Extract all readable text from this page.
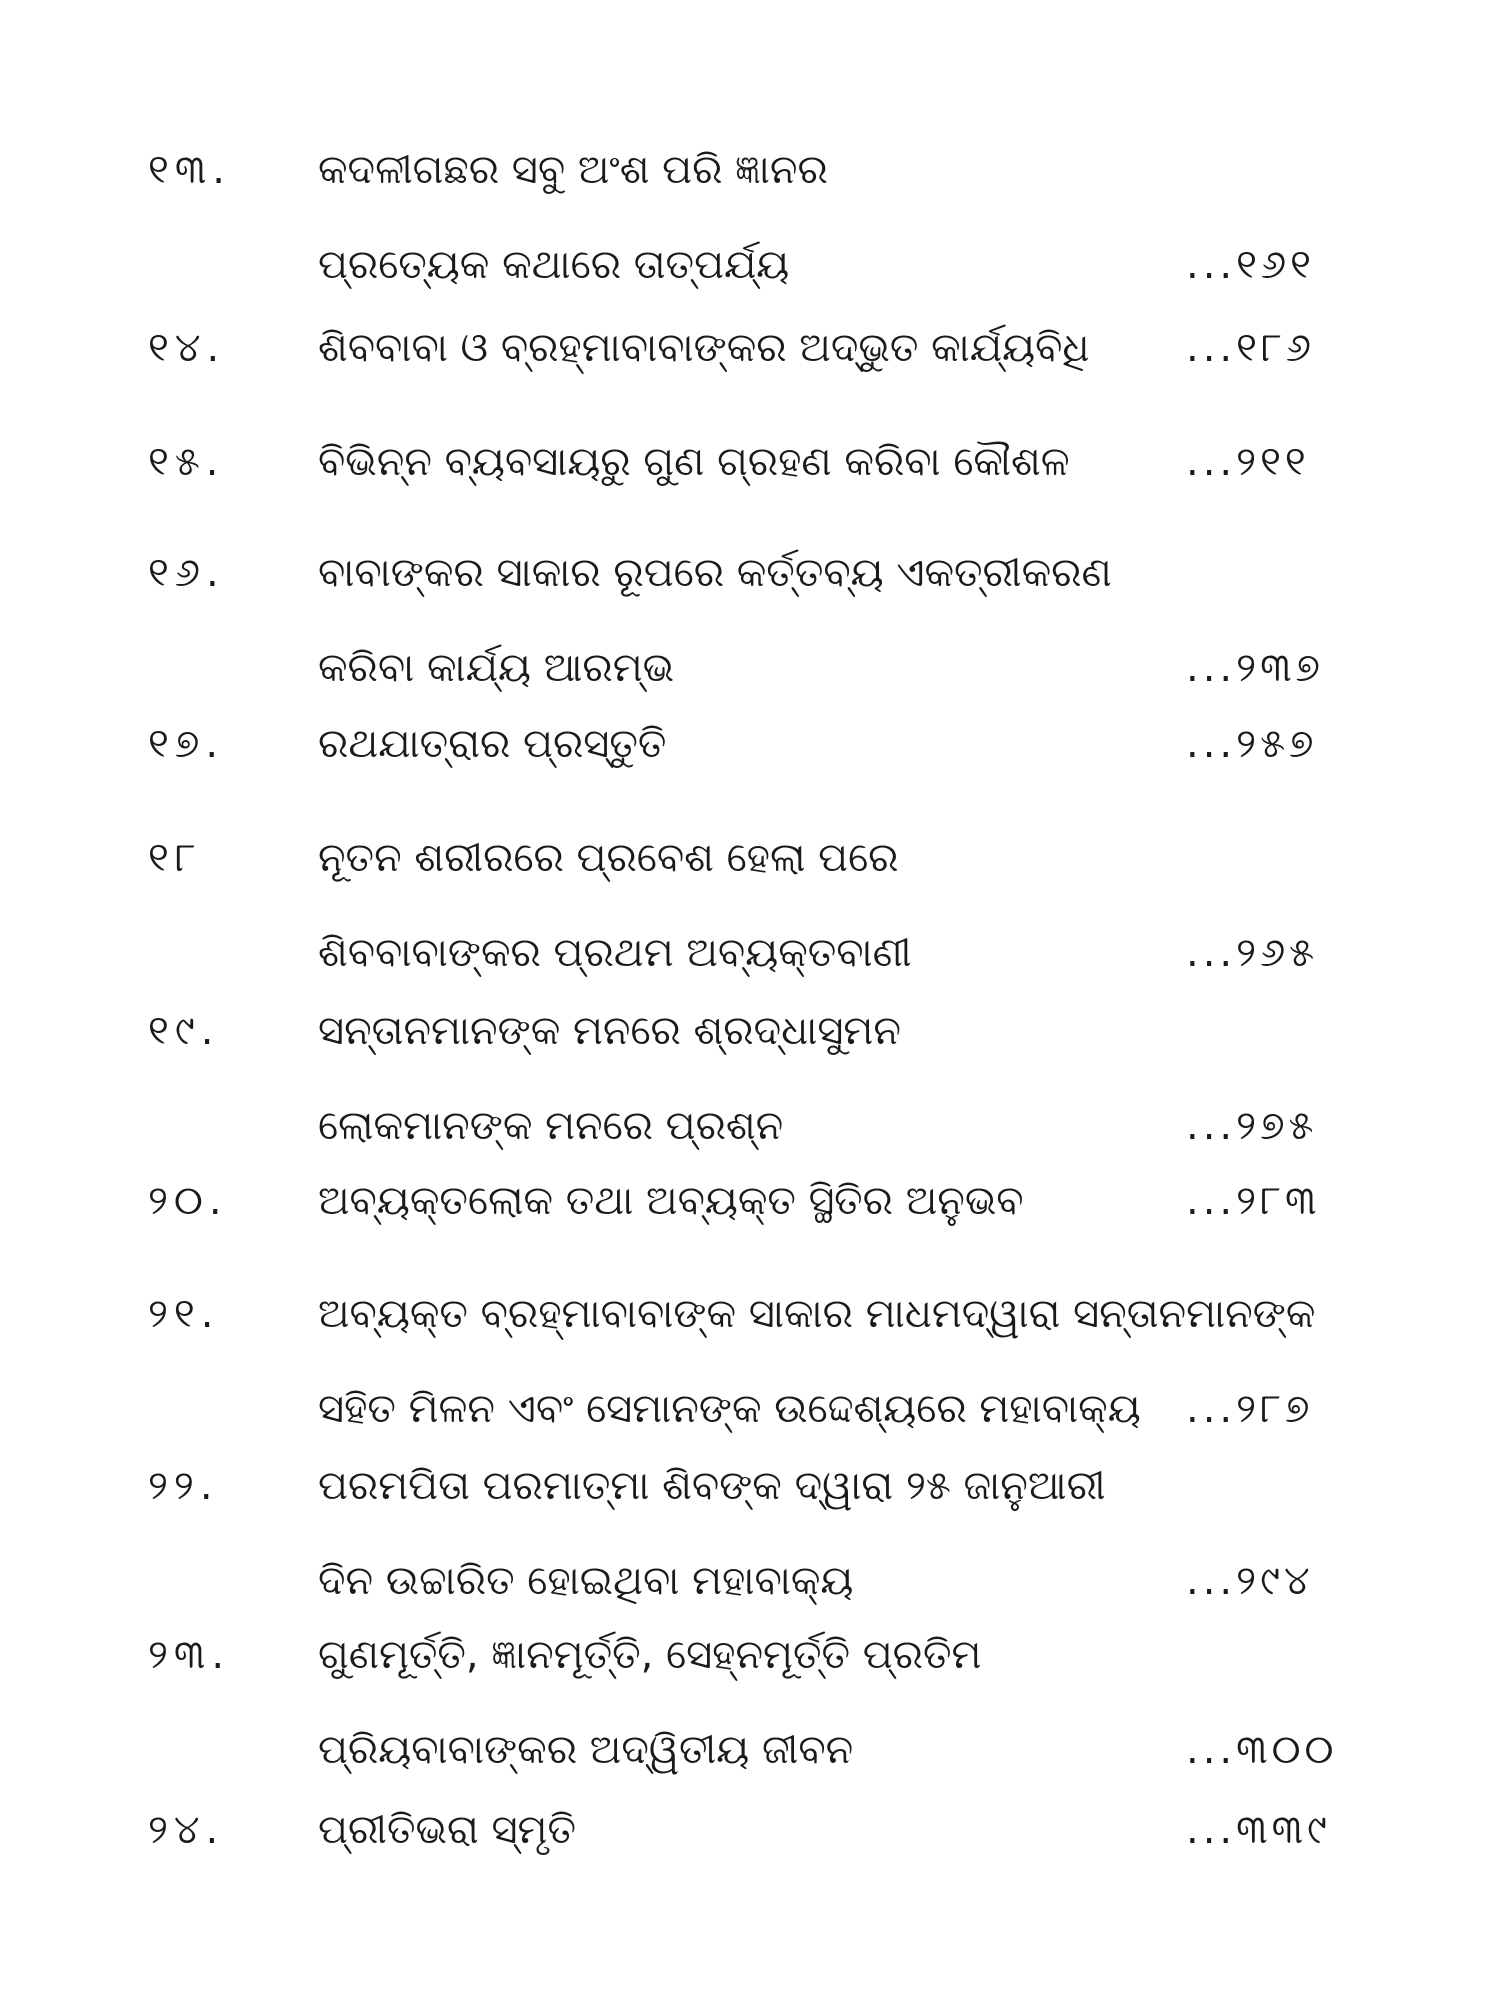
୧୩. କଦଳୀଗଛର ସବୁ ଅଂଶ ପରି ଜ୍ଞାନର
ପ୍ରତ୍ୟେକ କଥାରେ ତାତ୍ପର୍ଯ୍ୟ	...୧୬୧
୧୪. ଶିବବାବା ଓ ବ୍ରହ୍ମାବାବାଙ୍କର ଅଦ୍ଭୁତ କାର୍ଯ୍ୟବିଧି ...୧୮୬
୧୫. ବିଭିନ୍ନ ବ୍ୟବସାୟରୁ ଗୁଣ ଗ୍ରହଣ କରିବା କୌଶଳ	...୨୧୧
୧୬. ବାବାଙ୍କର ସାକାର ରୂପରେ କର୍ତ୍ତବ୍ୟ ଏକତ୍ରୀକରଣ
କରିବା କାର୍ଯ୍ୟ ଆରମ୍ଭ	...୨୩୭
୧୭. ରଥଯାତ୍ରାର ପ୍ରସ୍ତୁତି	...୨୫୭
୧୮	ନୂତନ ଶରୀରରେ ପ୍ରବେଶ ହେଲା ପରେ
ଶିବବାବାଙ୍କର ପ୍ରଥମ ଅବ୍ୟକ୍ତବାଣୀ	...୨୬୫
୧୯. ସନ୍ତାନମାନଙ୍କ ମନରେ ଶ୍ରଦ୍ଧାସୁମନ
ଲୋକମାନଙ୍କ ମନରେ ପ୍ରଶ୍ନ	...୨୭୫
୨୦. ଅବ୍ୟକ୍ତଲୋକ ତଥା ଅବ୍ୟକ୍ତ ସ୍ଥିତିର ଅନୁଭବ	...୨୮୩
୨୧. ଅବ୍ୟକ୍ତ ବ୍ରହ୍ମାବାବାଙ୍କ ସାକାର ମାଧମଦ୍ୱାରା ସନ୍ତାନମାନଙ୍କ
ସହିତ ମିଳନ ଏବଂ ସେମାନଙ୍କ ଉଦ୍ଦେଶ୍ୟରେ ମହାବାକ୍ୟ ...୨୮୭
୨୨. ପରମପିତା ପରମାତ୍ମା ଶିବଙ୍କ ଦ୍ୱାରା ୨୫ ଜାନୁଆରୀ
ଦିନ ଉଚ୍ଚାରିତ ହୋଇଥିବା ମହାବାକ୍ୟ	...୨୯୪
୨୩. ଗୁଣମୂର୍ତ୍ତି, ଜ୍ଞାନମୂର୍ତ୍ତି, ସେହ୍ନମୂର୍ତ୍ତି ପ୍ରତିମ
ପ୍ରିୟବାବାଙ୍କର ଅଦ୍ୱିତୀୟ ଜୀବନ	...୩୦୦
୨୪. ପ୍ରୀତିଭରା ସ୍ମୃତି	...୩୩୯
